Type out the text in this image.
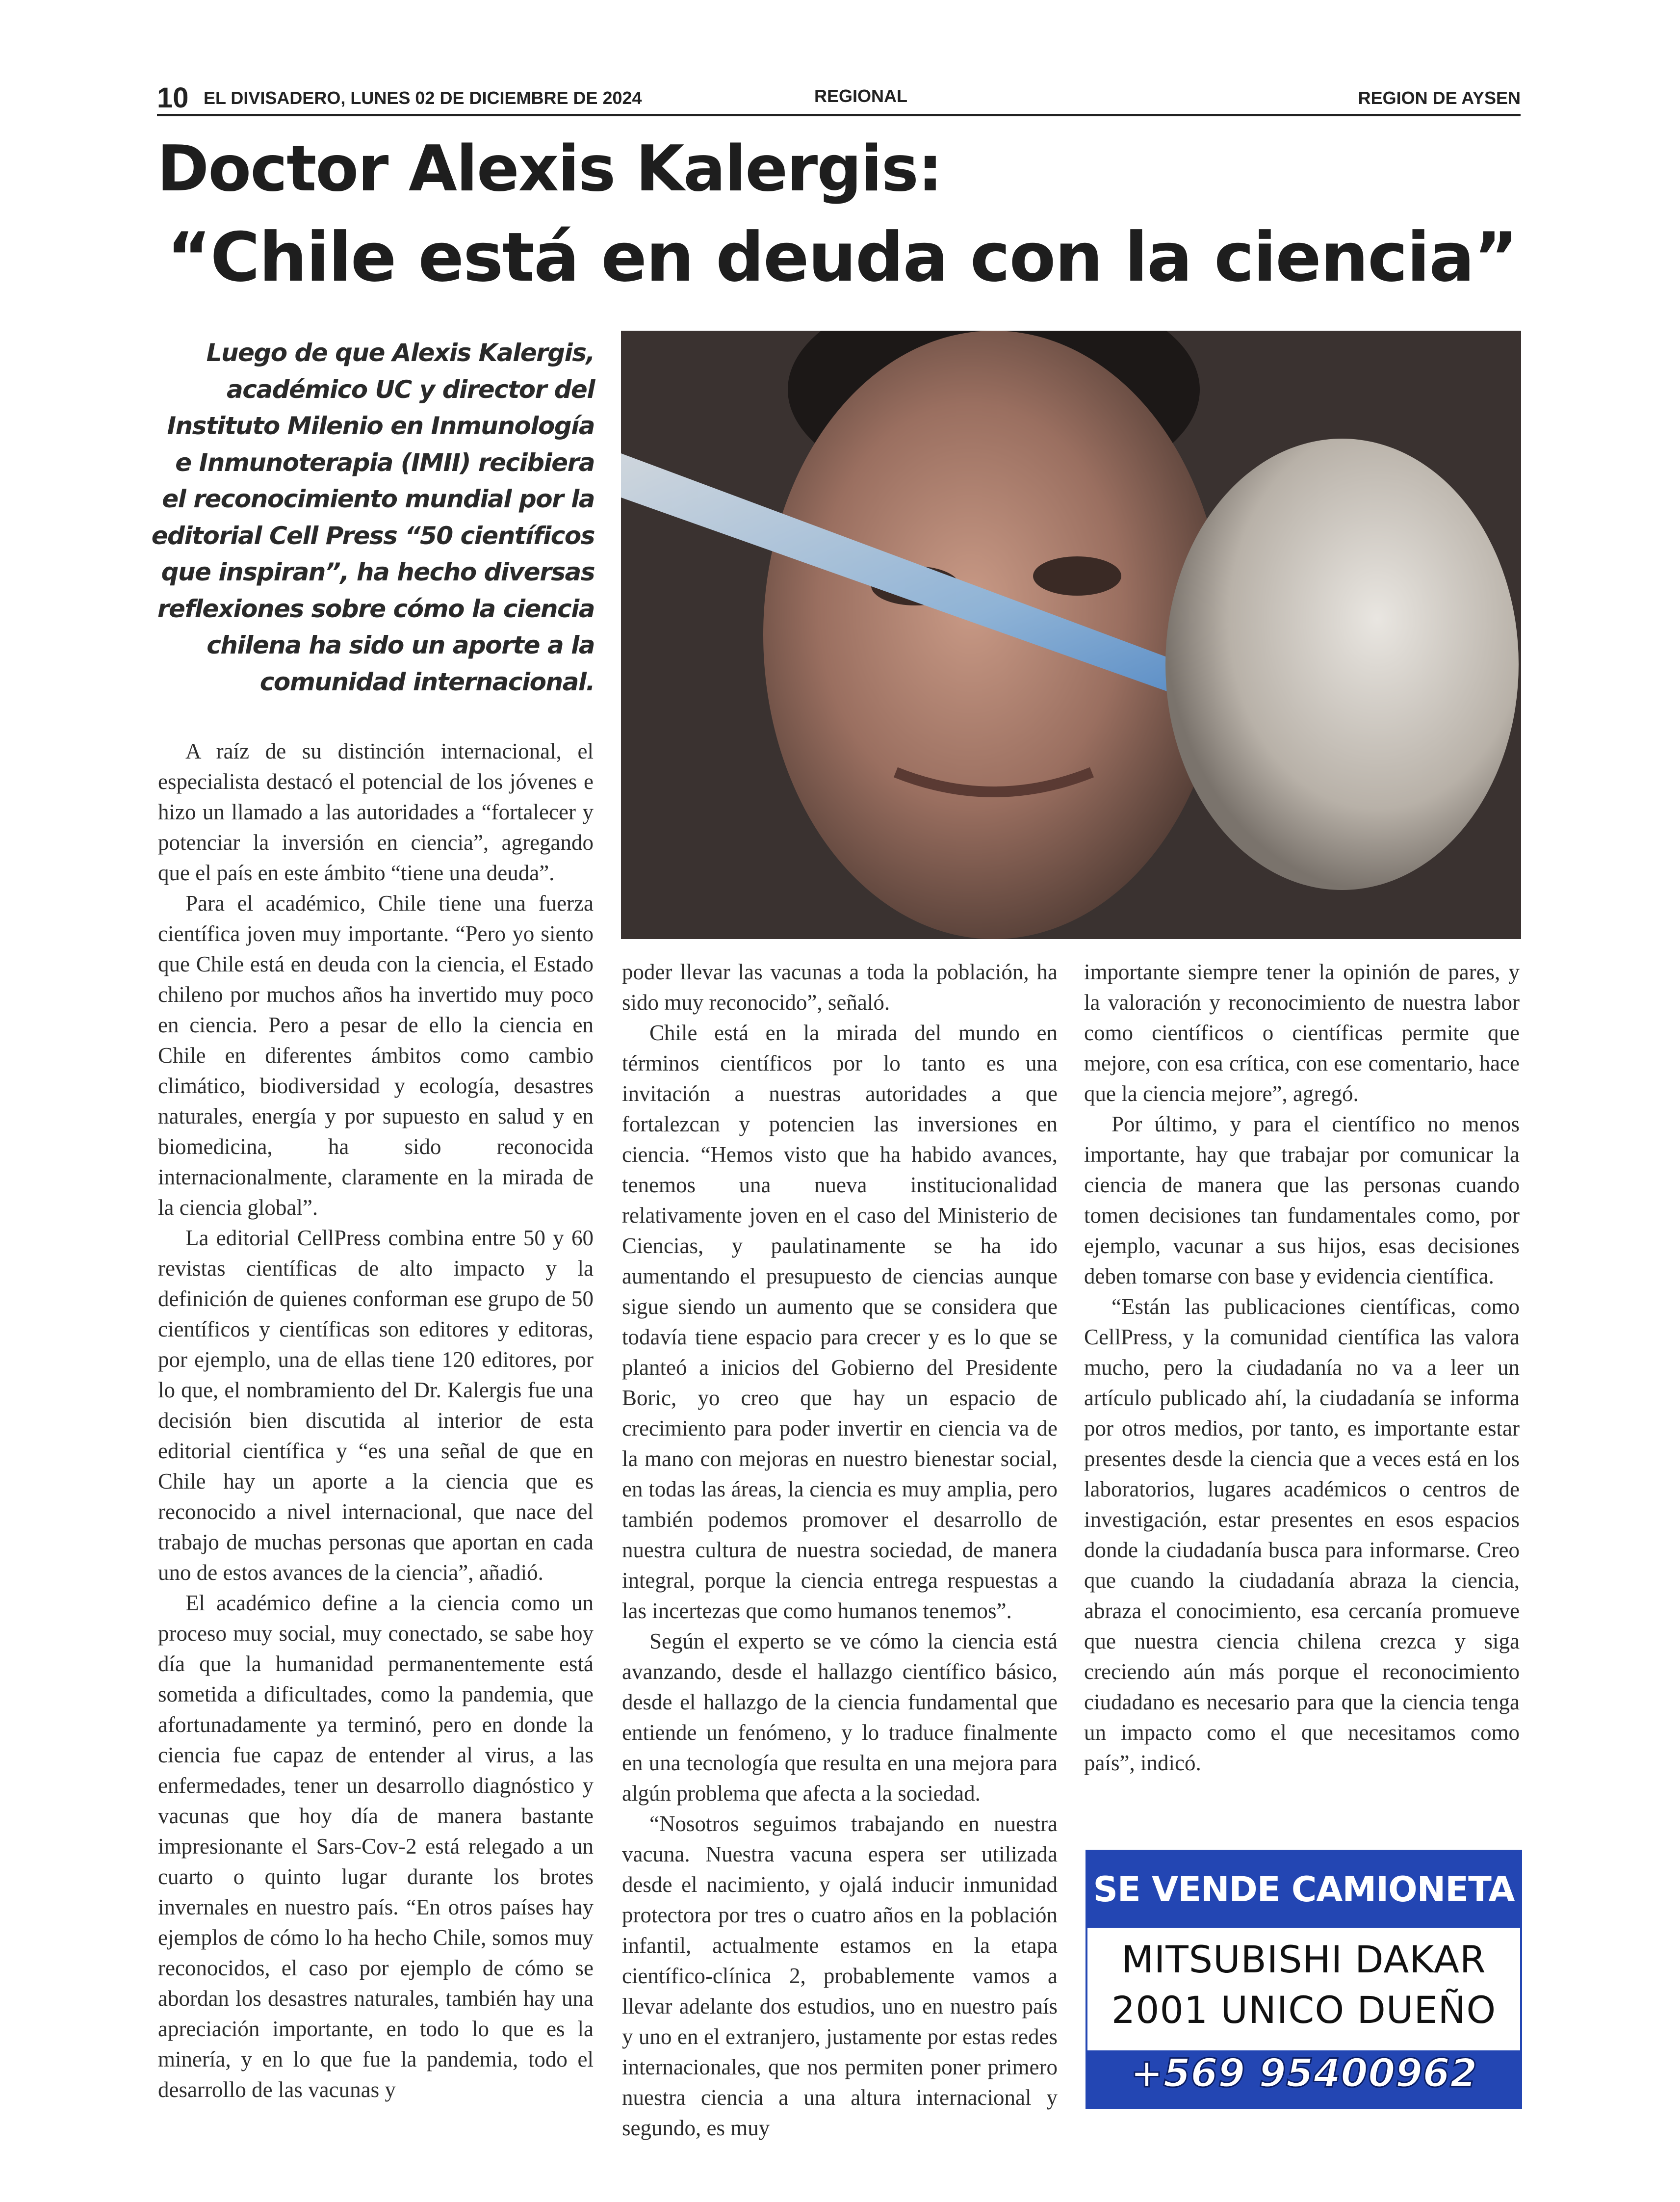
10 EL DIVISADERO, LUNES 02 DE DICIEMBRE DE 2024	REGIONAL	REGION DE AYSEN
Doctor Alexis Kalergis:
“Chile está en deuda con la ciencia”
Luego de que Alexis Kalergis,
académico UC y director del
Instituto Milenio en Inmunología
e Inmunoterapia (IMII) recibiera
el reconocimiento mundial por la
editorial Cell Press “50 científicos
que inspiran”, ha hecho diversas
reflexiones sobre cómo la ciencia
chilena ha sido un aporte a la
comunidad internacional.

A raíz de su distinción internacional, el especialista destacó el potencial de los jóvenes e hizo un llamado a las autoridades a “fortalecer y potenciar la inversión en ciencia”, agregando que el país en este ámbito “tiene una deuda”.

Para el académico, Chile tiene una fuerza científica joven muy importante. “Pero yo siento que Chile está en deuda con la ciencia, el Estado chileno por muchos años ha invertido muy poco en ciencia. Pero a pesar de ello la ciencia en Chile en diferentes ámbitos como cambio climático, biodiversidad y ecología, desastres naturales, energía y por supuesto en salud y en biomedicina, ha sido reconocida internacionalmente, claramente en la mirada de la ciencia global”.

La editorial CellPress combina entre 50 y 60 revistas científicas de alto impacto y la definición de quienes conforman ese grupo de 50 científicos y científicas son editores y editoras, por ejemplo, una de ellas tiene 120 editores, por lo que, el nombramiento del Dr. Kalergis fue una decisión bien discutida al interior de esta editorial científica y “es una señal de que en Chile hay un aporte a la ciencia que es reconocido a nivel internacional, que nace del trabajo de muchas personas que aportan en cada uno de estos avances de la ciencia”, añadió.

El académico define a la ciencia como un proceso muy social, muy conectado, se sabe hoy día que la humanidad permanentemente está sometida a dificultades, como la pandemia, que afortunadamente ya terminó, pero en donde la ciencia fue capaz de entender al virus, a las enfermedades, tener un desarrollo diagnóstico y vacunas que hoy día de manera bastante impresionante el Sars-Cov-2 está relegado a un cuarto o quinto lugar durante los brotes invernales en nuestro país. “En otros países hay ejemplos de cómo lo ha hecho Chile, somos muy reconocidos, el caso por ejemplo de cómo se abordan los desastres naturales, también hay una apreciación importante, en todo lo que es la minería, y en lo que fue la pandemia, todo el desarrollo de las vacunas y

poder llevar las vacunas a toda la población, ha sido muy reconocido”, señaló.

Chile está en la mirada del mundo en términos científicos por lo tanto es una invitación a nuestras autoridades a que fortalezcan y potencien las inversiones en ciencia. “Hemos visto que ha habido avances, tenemos una nueva institucionalidad relativamente joven en el caso del Ministerio de Ciencias, y paulatinamente se ha ido aumentando el presupuesto de ciencias aunque sigue siendo un aumento que se considera que todavía tiene espacio para crecer y es lo que se planteó a inicios del Gobierno del Presidente Boric, yo creo que hay un espacio de crecimiento para poder invertir en ciencia va de la mano con mejoras en nuestro bienestar social, en todas las áreas, la ciencia es muy amplia, pero también podemos promover el desarrollo de nuestra cultura de nuestra sociedad, de manera integral, porque la ciencia entrega respuestas a las incertezas que como humanos tenemos”.

Según el experto se ve cómo la ciencia está avanzando, desde el hallazgo científico básico, desde el hallazgo de la ciencia fundamental que entiende un fenómeno, y lo traduce finalmente en una tecnología que resulta en una mejora para algún problema que afecta a la sociedad.

“Nosotros seguimos trabajando en nuestra vacuna. Nuestra vacuna espera ser utilizada desde el nacimiento, y ojalá inducir inmunidad protectora por tres o cuatro años en la población infantil, actualmente estamos en la etapa científico-clínica 2, probablemente vamos a llevar adelante dos estudios, uno en nuestro país y uno en el extranjero, justamente por estas redes internacionales, que nos permiten poner primero nuestra ciencia a una altura internacional y segundo, es muy

importante siempre tener la opinión de pares, y la valoración y reconocimiento de nuestra labor como científicos o científicas permite que mejore, con esa crítica, con ese comentario, hace que la ciencia mejore”, agregó.

Por último, y para el científico no menos importante, hay que trabajar por comunicar la ciencia de manera que las personas cuando tomen decisiones tan fundamentales como, por ejemplo, vacunar a sus hijos, esas decisiones deben tomarse con base y evidencia científica.

“Están las publicaciones científicas, como CellPress, y la comunidad científica las valora mucho, pero la ciudadanía no va a leer un artículo publicado ahí, la ciudadanía se informa por otros medios, por tanto, es importante estar presentes desde la ciencia que a veces está en los laboratorios, lugares académicos o centros de investigación, estar presentes en esos espacios donde la ciudadanía busca para informarse. Creo que cuando la ciudadanía abraza la ciencia, abraza el conocimiento, esa cercanía promueve que nuestra ciencia chilena crezca y siga creciendo aún más porque el reconocimiento ciudadano es necesario para que la ciencia tenga un impacto como el que necesitamos como país”, indicó.

SE VENDE CAMIONETA
MITSUBISHI DAKAR
2001 UNICO DUEÑO
+569 95400962
